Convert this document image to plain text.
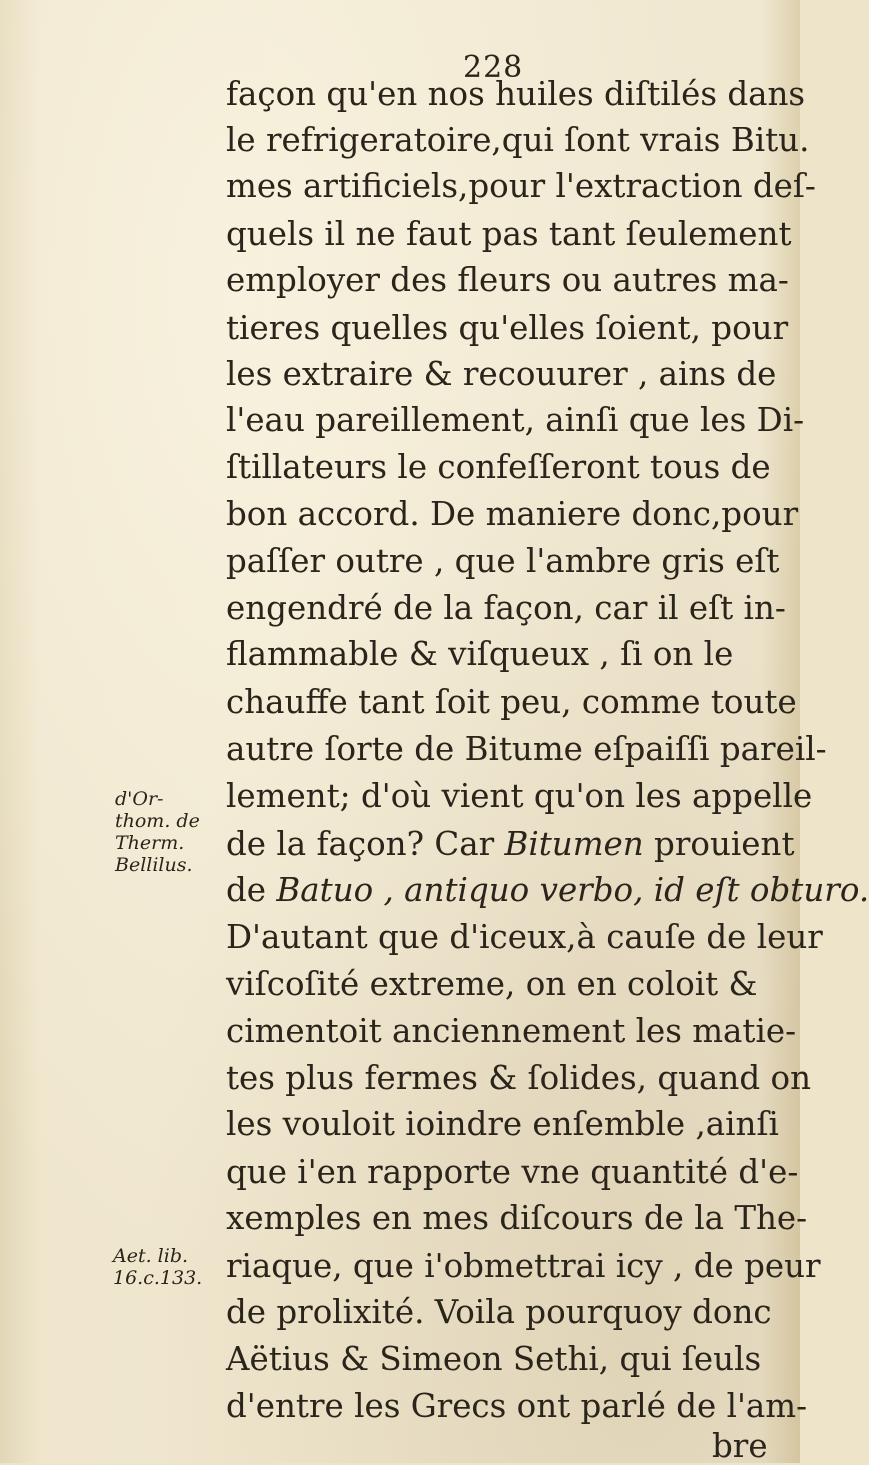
228
façon qu'en nos huiles diſtilés dans
le refrigeratoire,qui ſont vrais Bitu.
mes artificiels,pour l'extraction deſ-
quels il ne faut pas tant ſeulement
employer des fleurs ou autres ma-
tieres quelles qu'elles ſoient, pour
les extraire & recouurer , ains de
l'eau pareillement, ainſi que les Di-
ſtillateurs le confeſſeront tous de
bon accord. De maniere donc,pour
paſſer outre , que l'ambre gris eſt
engendré de la façon, car il eſt in-
flammable & viſqueux , ſi on le
chauffe tant ſoit peu, comme toute
autre ſorte de Bitume eſpaiſſi pareil-
lement; d'où vient qu'on les appelle
de la façon? Car Bitumen prouient
de Batuo , antiquo verbo, id eſt obturo.
D'autant que d'iceux,à cauſe de leur
viſcoſité extreme, on en coloit &
cimentoit anciennement les matie-
tes plus fermes & ſolides, quand on
les vouloit ioindre enſemble ,ainſi
que i'en rapporte vne quantité d'e-
xemples en mes diſcours de la The-
riaque, que i'obmettrai icy , de peur
de prolixité. Voila pourquoy donc
Aëtius & Simeon Sethi, qui ſeuls
d'entre les Grecs ont parlé de l'am-
bre
d'Or-
thom. de
Therm.
Bellilus.
Aet. lib.
16.c.133.
